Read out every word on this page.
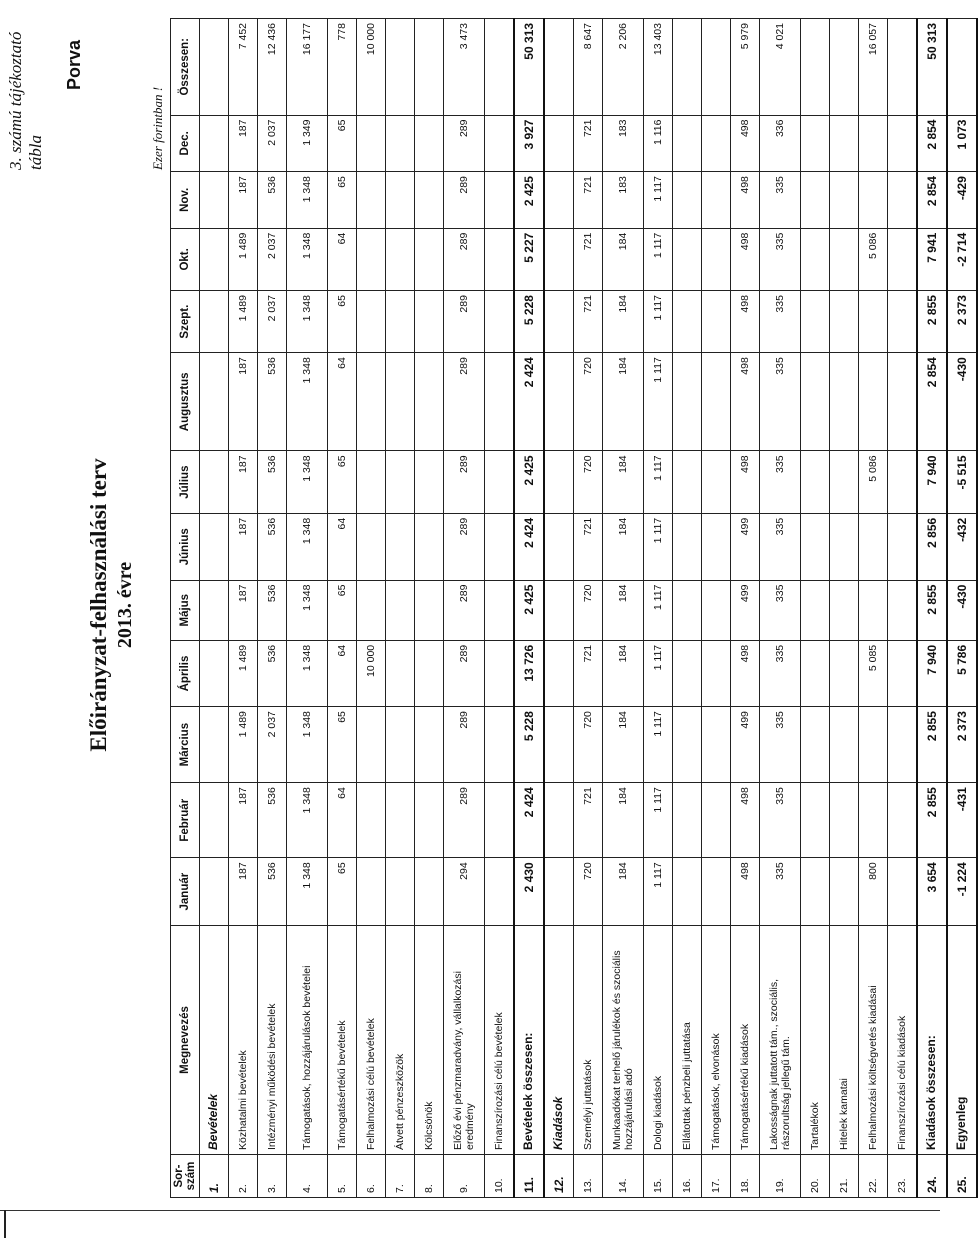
Porva
3. számú tájékoztató tábla
Előirányzat-felhasználási terv 2013. évre
Ezer forintban !
Sor-szám	Megnevezés	Január	Február	Március	Április	Május	Június	Július	Augusztus	Szept.	Okt.	Nov.	Dec.	Összesen:
1.	Bevételek													
2.	Közhatalmi bevételek	187	187	1 489	1 489	187	187	187	187	1 489	1 489	187	187	7 452
3.	Intézményi működési bevételek	536	536	2 037	536	536	536	536	536	2 037	2 037	536	2 037	12 436
4.	Támogatások, hozzájárulások bevételei	1 348	1 348	1 348	1 348	1 348	1 348	1 348	1 348	1 348	1 348	1 348	1 349	16 177
5.	Támogatásértékű bevételek	65	64	65	64	65	64	65	64	65	64	65	65	778
6.	Felhalmozási célú bevételek				10 000									10 000
7.	Átvett pénzeszközök													
8.	Kölcsönök													
9.	Előző évi pénzmaradvány, vállalkozási eredmény	294	289	289	289	289	289	289	289	289	289	289	289	3 473
10.	Finanszírozási célú bevételek													
11.	Bevételek összesen:	2 430	2 424	5 228	13 726	2 425	2 424	2 425	2 424	5 228	5 227	2 425	3 927	50 313
12.	Kiadások													
13.	Személyi juttatások	720	721	720	721	720	721	720	720	721	721	721	721	8 647
14.	Munkaadókat terhelő járulékok és szociális hozzájárulási adó	184	184	184	184	184	184	184	184	184	184	183	183	2 206
15.	Dologi kiadások	1 117	1 117	1 117	1 117	1 117	1 117	1 117	1 117	1 117	1 117	1 117	1 116	13 403
16.	Ellátottak pénzbeli juttatása													
17.	Támogatások, elvonások													
18.	Támogatásértékű kiadások	498	498	499	498	499	499	498	498	498	498	498	498	5 979
19.	Lakosságnak juttatott tám., szociális, rászorultság jellegű tám.	335	335	335	335	335	335	335	335	335	335	335	336	4 021
20.	Tartalékok													
21.	Hitelek kamatai													
22.	Felhalmozási költségvetés kiadásai	800			5 085			5 086			5 086			16 057
23.	Finanszírozási célú kiadások													
24.	Kiadások összesen:	3 654	2 855	2 855	7 940	2 855	2 856	7 940	2 854	2 855	7 941	2 854	2 854	50 313
25.	Egyenleg	-1 224	-431	2 373	5 786	-430	-432	-5 515	-430	2 373	-2 714	-429	1 073	
